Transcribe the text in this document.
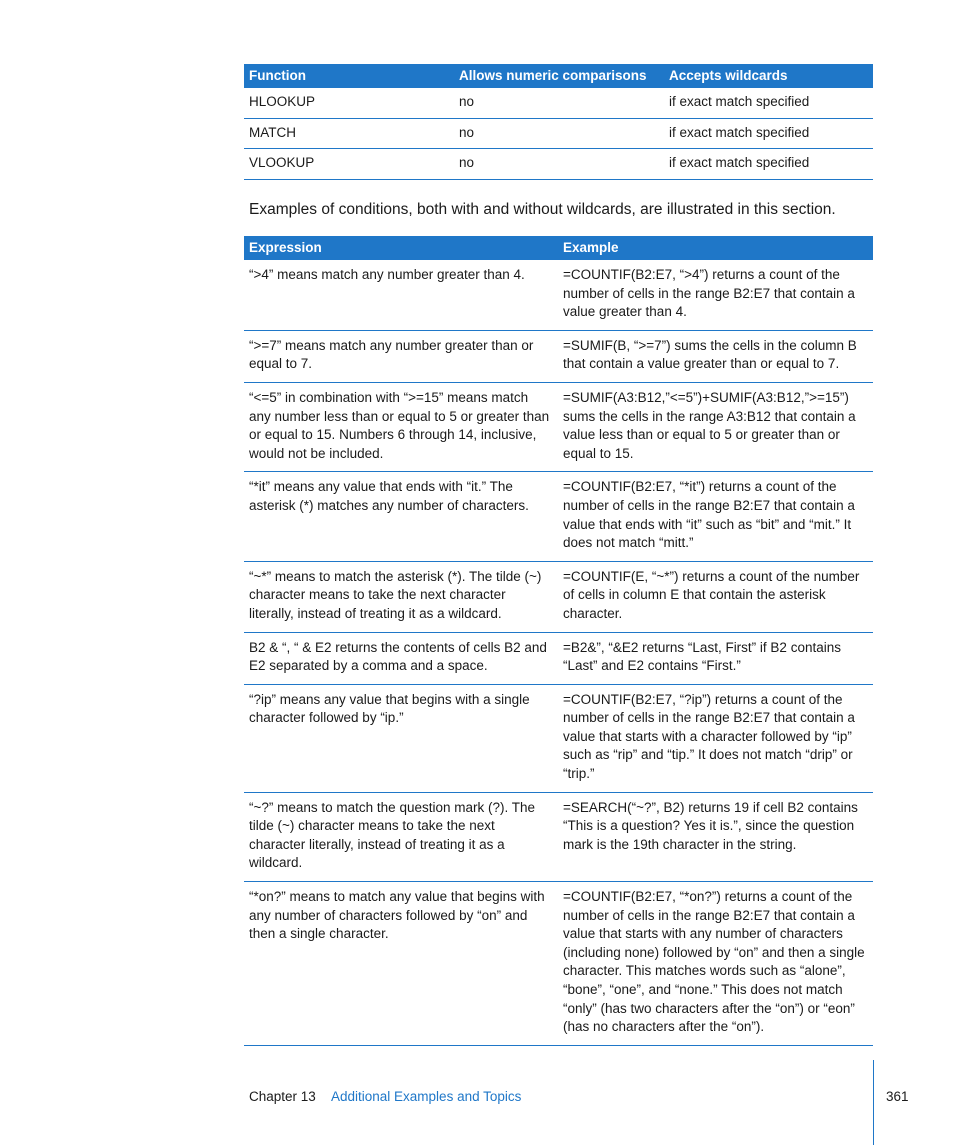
Function	Allows numeric comparisons	Accepts wildcards
HLOOKUP	no	if exact match specified
MATCH	no	if exact match specified
VLOOKUP	no	if exact match specified

Examples of conditions, both with and without wildcards, are illustrated in this section.

Expression	Example
“>4” means match any number greater than 4.	=COUNTIF(B2:E7, “>4”) returns a count of the number of cells in the range B2:E7 that contain a value greater than 4.
“>=7” means match any number greater than or equal to 7.	=SUMIF(B, “>=7”) sums the cells in the column B that contain a value greater than or equal to 7.
“<=5” in combination with “>=15” means match any number less than or equal to 5 or greater than or equal to 15. Numbers 6 through 14, inclusive, would not be included.	=SUMIF(A3:B12,”<=5”)+SUMIF(A3:B12,”>=15”) sums the cells in the range A3:B12 that contain a value less than or equal to 5 or greater than or equal to 15.
“*it” means any value that ends with “it.” The asterisk (*) matches any number of characters.	=COUNTIF(B2:E7, “*it”) returns a count of the number of cells in the range B2:E7 that contain a value that ends with “it” such as “bit” and “mit.” It does not match “mitt.”
“~*” means to match the asterisk (*). The tilde (~) character means to take the next character literally, instead of treating it as a wildcard.	=COUNTIF(E, “~*”) returns a count of the number of cells in column E that contain the asterisk character.
B2 & “, “ & E2 returns the contents of cells B2 and E2 separated by a comma and a space.	=B2&”, “&E2 returns “Last, First” if B2 contains “Last” and E2 contains “First.”
“?ip” means any value that begins with a single character followed by “ip.”	=COUNTIF(B2:E7, “?ip”) returns a count of the number of cells in the range B2:E7 that contain a value that starts with a character followed by “ip” such as “rip” and “tip.” It does not match “drip” or “trip.”
“~?” means to match the question mark (?). The tilde (~) character means to take the next character literally, instead of treating it as a wildcard.	=SEARCH(“~?”, B2) returns 19 if cell B2 contains “This is a question? Yes it is.”, since the question mark is the 19th character in the string.
“*on?” means to match any value that begins with any number of characters followed by “on” and then a single character.	=COUNTIF(B2:E7, “*on?”) returns a count of the number of cells in the range B2:E7 that contain a value that starts with any number of characters (including none) followed by “on” and then a single character. This matches words such as “alone”, “bone”, “one”, and “none.” This does not match “only” (has two characters after the “on”) or “eon” (has no characters after the “on”).
Chapter 13 Additional Examples and Topics	361
